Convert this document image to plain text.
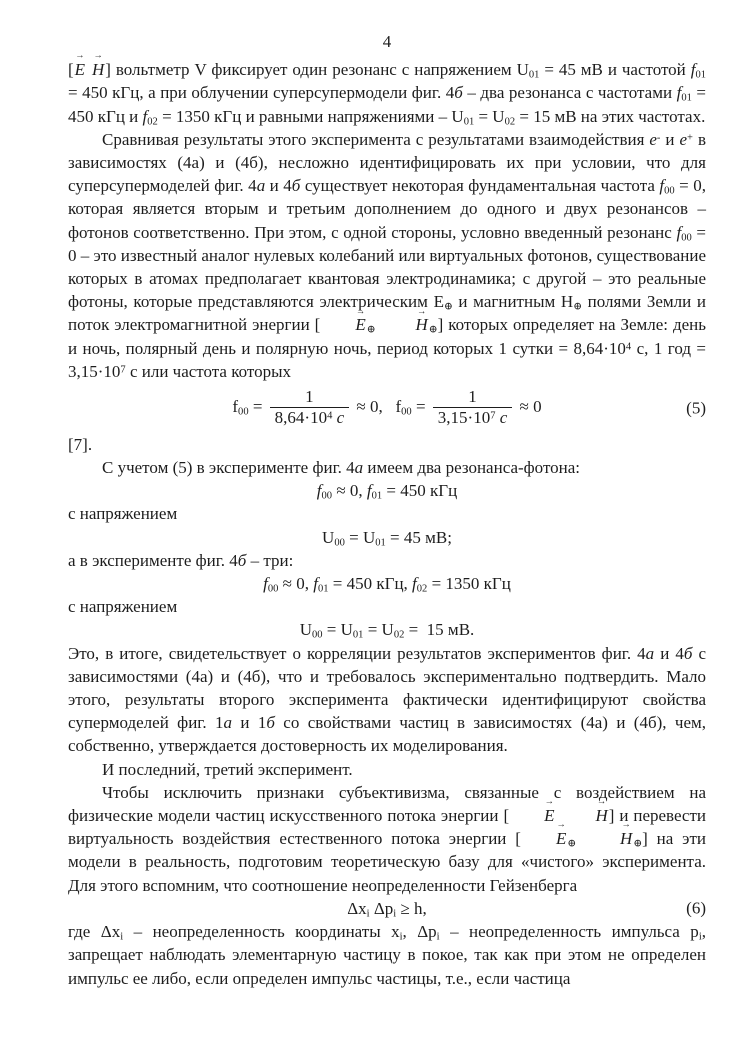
4

[E → H →] вольтметр V фиксирует один резонанс с напряжением $U_{01} = 45$ мВ и частотой $f_{01} = 450$ кГц, а при облучении суперсупермодели фиг. 4б – два резонанса с частотами $f_{01} = 450$ кГц и $f_{02} = 1350$ кГц и равными напряжениями – $U_{01} = U_{02} = 15$ мВ на этих частотах.

Сравнивая результаты этого эксперимента с результатами взаимодействия e- и e+ в зависимостях (4а) и (4б), несложно идентифицировать их при условии, что для суперсупермоделей фиг. 4а и 4б существует некоторая фундаментальная частота $f_{00} = 0$, которая является вторым и третьим дополнением до одного и двух резонансов – фотонов соответственно. При этом, с одной стороны, условно введенный резонанс $f_{00} = 0$ – это известный аналог нулевых колебаний или виртуальных фотонов, существование которых в атомах предполагает квантовая электродинамика; с другой – это реальные фотоны, которые представляются электрическим $E_\oplus$ и магнитным $H_\oplus$ полями Земли и поток электромагнитной энергии [ $E \to_\oplus$ $H \to_\oplus$] которых определяет на Земле: день и ночь, полярный день и полярную ночь, период которых 1 сутки = $8,64\cdot 10^4$ с, 1 год = $3,15\cdot 10^7$ с или частота которых

$f_{00} = \frac{1}{8,64\cdot 10^4 с} \approx 0$,   $f_{00} = \frac{1}{3,15\cdot 10^7 с} \approx 0$	(5)

[7].

С учетом (5) в эксперименте фиг. 4а имеем два резонанса-фотона:

$f_{00} \approx 0$, $f_{01} = 450$ кГц

с напряжением

$U_{00} = U_{01} = 45$ мВ;

а в эксперименте фиг. 4б – три:

$f_{00} \approx 0$, $f_{01} = 450$ кГц, $f_{02} = 1350$ кГц

с напряжением

$U_{00} = U_{01} = U_{02} = 15$ мВ.

Это, в итоге, свидетельствует о корреляции результатов экспериментов фиг. 4а и 4б с зависимостями (4а) и (4б), что и требовалось экспериментально подтвердить. Мало этого, результаты второго эксперимента фактически идентифицируют свойства супермоделей фиг. 1а и 1б со свойствами частиц в зависимостях (4а) и (4б), чем, собственно, утверждается достоверность их моделирования.

И последний, третий эксперимент.

Чтобы исключить признаки субъективизма, связанные с воздействием на физические модели частиц искусственного потока энергии [ E → H →] и перевести виртуальность воздействия естественного потока энергии [ $E \to_\oplus$	$H \to_\oplus$] на эти модели в реальность, подготовим теоретическую базу для «чистого» эксперимента. Для этого вспомним, что соотношение неопределенности Гейзенберга

$\Delta x_i$ $\Delta p_i \ge h$,	(6)

где $\Delta x_i$ – неопределенность координаты $x_i$, $\Delta p_i$ – неопределенность импульса $p_i$, запрещает наблюдать элементарную частицу в покое, так как при этом не определен импульс ее либо, если определен импульс частицы, т.е., если частица
